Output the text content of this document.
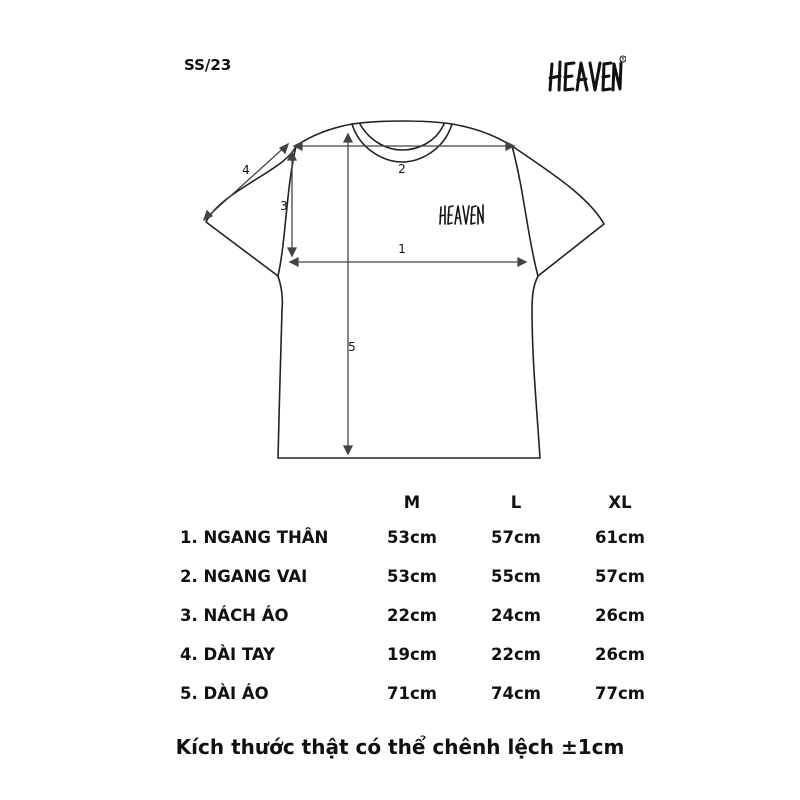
SS/23	R
2
1
5
3
4
	M	L	XL
1. NGANG THÂN	53cm	57cm	61cm
2. NGANG VAI	53cm	55cm	57cm
3. NÁCH ÁO	22cm	24cm	26cm
4. DÀI TAY	19cm	22cm	26cm
5. DÀI ÁO	71cm	74cm	77cm
Kích thước thật có thể chênh lệch ±1cm
